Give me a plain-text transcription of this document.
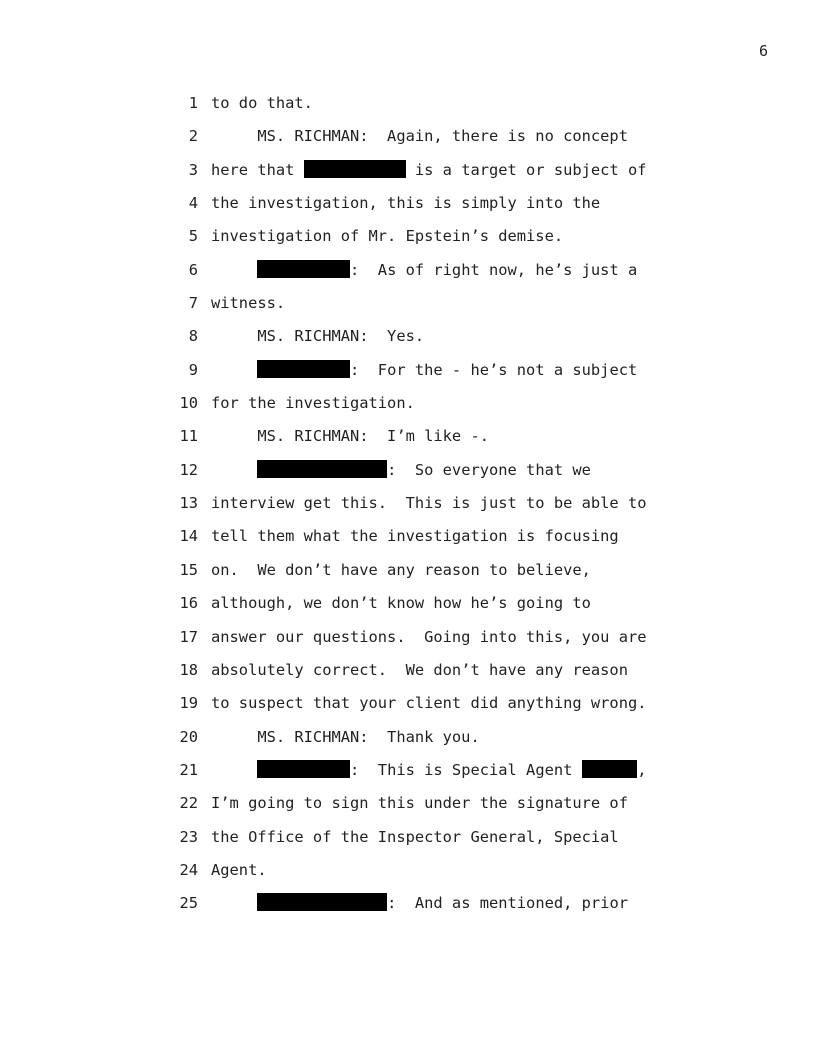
6
1 to do that.
2 MS. RICHMAN:  Again, there is no concept
3 here that	is a target or subject of
4 the investigation, this is simply into the
5 investigation of Mr. Epstein’s demise.
6	:  As of right now, he’s just a
7 witness.
8 MS. RICHMAN:  Yes.
9	:  For the - he’s not a subject
10 for the investigation.
11 MS. RICHMAN:  I’m like -.
12	:  So everyone that we
13 interview get this.  This is just to be able to
14 tell them what the investigation is focusing
15 on.  We don’t have any reason to believe,
16 although, we don’t know how he’s going to
17 answer our questions.  Going into this, you are
18 absolutely correct.  We don’t have any reason
19 to suspect that your client did anything wrong.
20 MS. RICHMAN:  Thank you.
21	:  This is Special Agent	,
22 I’m going to sign this under the signature of
23 the Office of the Inspector General, Special
24 Agent.
25	:  And as mentioned, prior
